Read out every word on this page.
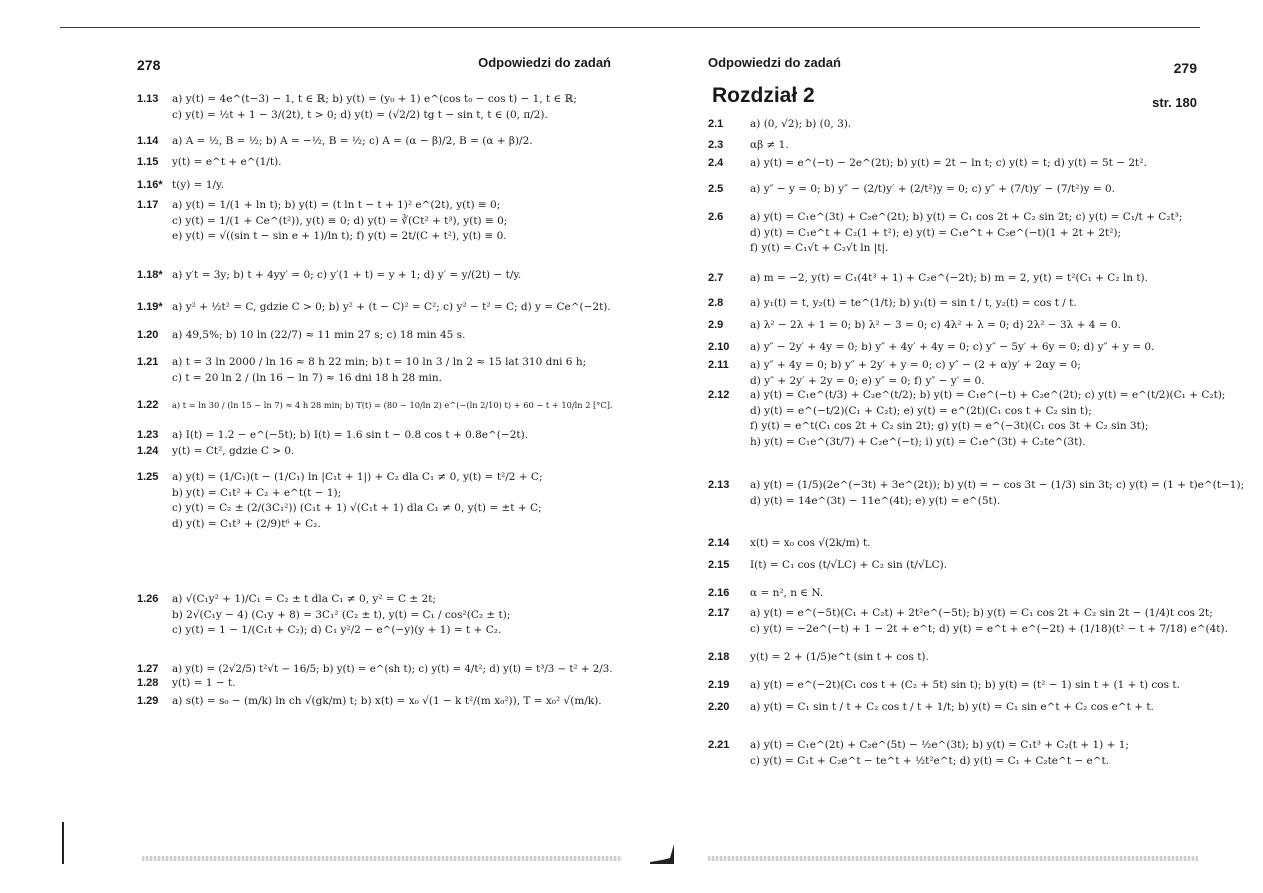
278	Odpowiedzi do zadań
1.13 a) y(t) = 4e^(t−3) − 1, t ∈ ℝ; b) y(t) = (y₀ + 1) e^(cos t₀ − cos t) − 1, t ∈ ℝ;
c) y(t) = ½t + 1 − 3/(2t), t > 0; d) y(t) = (√2/2) tg t − sin t, t ∈ (0, π/2).
1.14 a) A = ½, B = ½; b) A = −½, B = ½; c) A = (α − β)/2, B = (α + β)/2.
1.15 y(t) = e^t + e^(1/t).
1.16* t(y) = 1/y.
1.17 a) y(t) = 1/(1 + ln t); b) y(t) = (t ln t − t + 1)² e^(2t), y(t) ≡ 0;
c) y(t) = 1/(1 + Ce^(t²)), y(t) ≡ 0; d) y(t) = ∛(Ct² + t³), y(t) ≡ 0;
e) y(t) = √((sin t − sin e + 1)/ln t); f) y(t) = 2t/(C + t²), y(t) ≡ 0.
1.18* a) y′t = 3y; b) t + 4yy′ = 0; c) y′(1 + t) = y + 1; d) y′ = y/(2t) − t/y.
1.19* a) y² + ½t² = C, gdzie C > 0; b) y² + (t − C)² = C²; c) y² − t² = C; d) y = Ce^(−2t).
1.20 a) 49,5%; b) 10 ln (22/7) ≈ 11 min 27 s; c) 18 min 45 s.
1.21 a) t = 3 ln 2000 / ln 16 ≈ 8 h 22 min; b) t = 10 ln 3 / ln 2 ≈ 15 lat 310 dni 6 h;
c) t = 20 ln 2 / (ln 16 − ln 7) ≈ 16 dni 18 h 28 min.
1.22 a) t = ln 30 / (ln 15 − ln 7) ≈ 4 h 28 min; b) T(t) = (80 − 10/ln 2) e^(−(ln 2/10) t) + 60 − t + 10/ln 2 [°C].
1.23 a) I(t) = 1.2 − e^(−5t); b) I(t) = 1.6 sin t − 0.8 cos t + 0.8e^(−2t).
1.24 y(t) = Ct², gdzie C > 0.
1.25 a) y(t) = (1/C₁)(t − (1/C₁) ln |C₁t + 1|) + C₂ dla C₁ ≠ 0, y(t) = t²/2 + C;
b) y(t) = C₁t² + C₂ + e^t(t − 1);
c) y(t) = C₂ ± (2/(3C₁²)) (C₁t + 1) √(C₁t + 1) dla C₁ ≠ 0, y(t) = ±t + C;
d) y(t) = C₁t³ + (2/9)t⁶ + C₂.
1.26 a) √(C₁y² + 1)/C₁ = C₂ ± t dla C₁ ≠ 0, y² = C ± 2t;
b) 2√(C₁y − 4) (C₁y + 8) = 3C₁² (C₂ ± t), y(t) = C₁ / cos²(C₂ ± t);
c) y(t) = 1 − 1/(C₁t + C₂); d) C₁ y²/2 − e^(−y)(y + 1) = t + C₂.
1.27 a) y(t) = (2√2/5) t²√t − 16/5; b) y(t) = e^(sh t); c) y(t) = 4/t²; d) y(t) = t³/3 − t² + 2/3.
1.28 y(t) = 1 − t.
1.29 a) s(t) = s₀ − (m/k) ln ch √(gk/m) t; b) x(t) = x₀ √(1 − k t²/(m x₀²)), T = x₀² √(m/k).
Odpowiedzi do zadań	279
Rozdział 2	str. 180
2.1	a) (0, √2); b) (0, 3).
2.3	αβ ≠ 1.
2.4	a) y(t) = e^(−t) − 2e^(2t); b) y(t) = 2t − ln t; c) y(t) = t; d) y(t) = 5t − 2t².
2.5	a) y″ − y = 0; b) y″ − (2/t)y′ + (2/t²)y = 0; c) y″ + (7/t)y′ − (7/t²)y = 0.
2.6	a) y(t) = C₁e^(3t) + C₂e^(2t); b) y(t) = C₁ cos 2t + C₂ sin 2t; c) y(t) = C₁/t + C₂t³;
d) y(t) = C₁e^t + C₂(1 + t²); e) y(t) = C₁e^t + C₂e^(−t)(1 + 2t + 2t²);
f) y(t) = C₁√t + C₂√t ln |t|.
2.7	a) m = −2, y(t) = C₁(4t³ + 1) + C₂e^(−2t); b) m = 2, y(t) = t²(C₁ + C₂ ln t).
2.8	a) y₁(t) = t, y₂(t) = te^(1/t); b) y₁(t) = sin t / t, y₂(t) = cos t / t.
2.9	a) λ² − 2λ + 1 = 0; b) λ² − 3 = 0; c) 4λ² + λ = 0; d) 2λ² − 3λ + 4 = 0.
2.10 a) y″ − 2y′ + 4y = 0; b) y″ + 4y′ + 4y = 0; c) y″ − 5y′ + 6y = 0; d) y″ + y = 0.
2.11 a) y″ + 4y = 0; b) y″ + 2y′ + y = 0; c) y″ − (2 + α)y′ + 2αy = 0;
d) y″ + 2y′ + 2y = 0; e) y″ = 0; f) y″ − y′ = 0.
2.12 a) y(t) = C₁e^(t/3) + C₂e^(t/2); b) y(t) = C₁e^(−t) + C₂e^(2t); c) y(t) = e^(t/2)(C₁ + C₂t);
d) y(t) = e^(−t/2)(C₁ + C₂t); e) y(t) = e^(2t)(C₁ cos t + C₂ sin t);
f) y(t) = e^t(C₁ cos 2t + C₂ sin 2t); g) y(t) = e^(−3t)(C₁ cos 3t + C₂ sin 3t);
h) y(t) = C₁e^(3t/7) + C₂e^(−t); i) y(t) = C₁e^(3t) + C₂te^(3t).
2.13 a) y(t) = (1/5)(2e^(−3t) + 3e^(2t)); b) y(t) = − cos 3t − (1/3) sin 3t; c) y(t) = (1 + t)e^(t−1);
d) y(t) = 14e^(3t) − 11e^(4t); e) y(t) = e^(5t).
2.14 x(t) = x₀ cos √(2k/m) t.
2.15 I(t) = C₁ cos (t/√LC) + C₂ sin (t/√LC).
2.16 α = n², n ∈ N.
2.17 a) y(t) = e^(−5t)(C₁ + C₂t) + 2t²e^(−5t); b) y(t) = C₁ cos 2t + C₂ sin 2t − (1/4)t cos 2t;
c) y(t) = −2e^(−t) + 1 − 2t + e^t; d) y(t) = e^t + e^(−2t) + (1/18)(t² − t + 7/18) e^(4t).
2.18 y(t) = 2 + (1/5)e^t (sin t + cos t).
2.19 a) y(t) = e^(−2t)(C₁ cos t + (C₂ + 5t) sin t); b) y(t) = (t² − 1) sin t + (1 + t) cos t.
2.20 a) y(t) = C₁ sin t / t + C₂ cos t / t + 1/t; b) y(t) = C₁ sin e^t + C₂ cos e^t + t.
2.21 a) y(t) = C₁e^(2t) + C₂e^(5t) − ½e^(3t); b) y(t) = C₁t³ + C₂(t + 1) + 1;
c) y(t) = C₁t + C₂e^t − te^t + ½t²e^t; d) y(t) = C₁ + C₂te^t − e^t.
